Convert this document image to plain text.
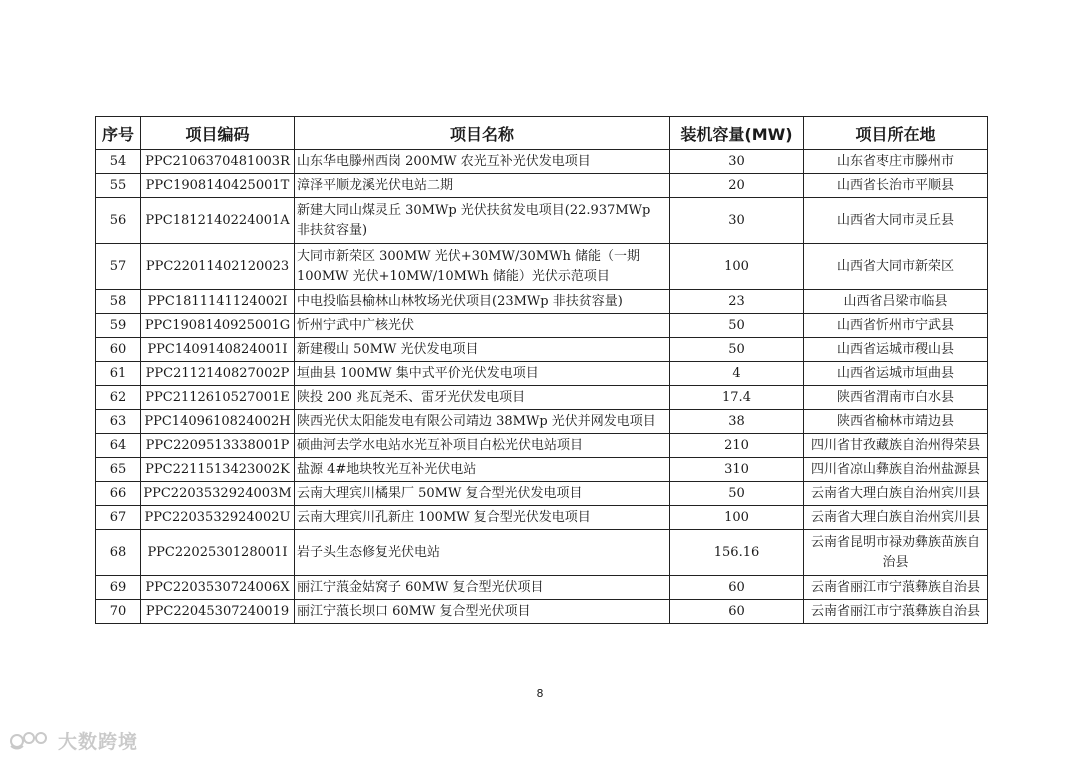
序号	项目编码	项目名称	装机容量(MW)	项目所在地
54	PPC2106370481003R	山东华电滕州西岗 200MW 农光互补光伏发电项目	30	山东省枣庄市滕州市
55	PPC1908140425001T	漳泽平顺龙溪光伏电站二期	20	山西省长治市平顺县
56	PPC1812140224001A	新建大同山煤灵丘 30MWp 光伏扶贫发电项目(22.937MWp 非扶贫容量)	30	山西省大同市灵丘县
57	PPC22011402120023	大同市新荣区 300MW 光伏+30MW/30MWh 储能（一期 100MW 光伏+10MW/10MWh 储能）光伏示范项目	100	山西省大同市新荣区
58	PPC1811141124002I	中电投临县榆林山林牧场光伏项目(23MWp 非扶贫容量)	23	山西省吕梁市临县
59	PPC1908140925001G	忻州宁武中广核光伏	50	山西省忻州市宁武县
60	PPC1409140824001I	新建稷山 50MW 光伏发电项目	50	山西省运城市稷山县
61	PPC2112140827002P	垣曲县 100MW 集中式平价光伏发电项目	4	山西省运城市垣曲县
62	PPC2112610527001E	陕投 200 兆瓦尧禾、雷牙光伏发电项目	17.4	陕西省渭南市白水县
63	PPC1409610824002H	陕西光伏太阳能发电有限公司靖边 38MWp 光伏并网发电项目	38	陕西省榆林市靖边县
64	PPC2209513338001P	硕曲河去学水电站水光互补项目白松光伏电站项目	210	四川省甘孜藏族自治州得荣县
65	PPC2211513423002K	盐源 4#地块牧光互补光伏电站	310	四川省凉山彝族自治州盐源县
66	PPC2203532924003M	云南大理宾川橘果厂 50MW 复合型光伏发电项目	50	云南省大理白族自治州宾川县
67	PPC2203532924002U	云南大理宾川孔新庄 100MW 复合型光伏发电项目	100	云南省大理白族自治州宾川县
68	PPC2202530128001I	岩子头生态修复光伏电站	156.16	云南省昆明市禄劝彝族苗族自治县
69	PPC2203530724006X	丽江宁蒗金姑窝子 60MW 复合型光伏项目	60	云南省丽江市宁蒗彝族自治县
70	PPC22045307240019	丽江宁蒗长坝口 60MW 复合型光伏项目	60	云南省丽江市宁蒗彝族自治县
8
大数跨境
